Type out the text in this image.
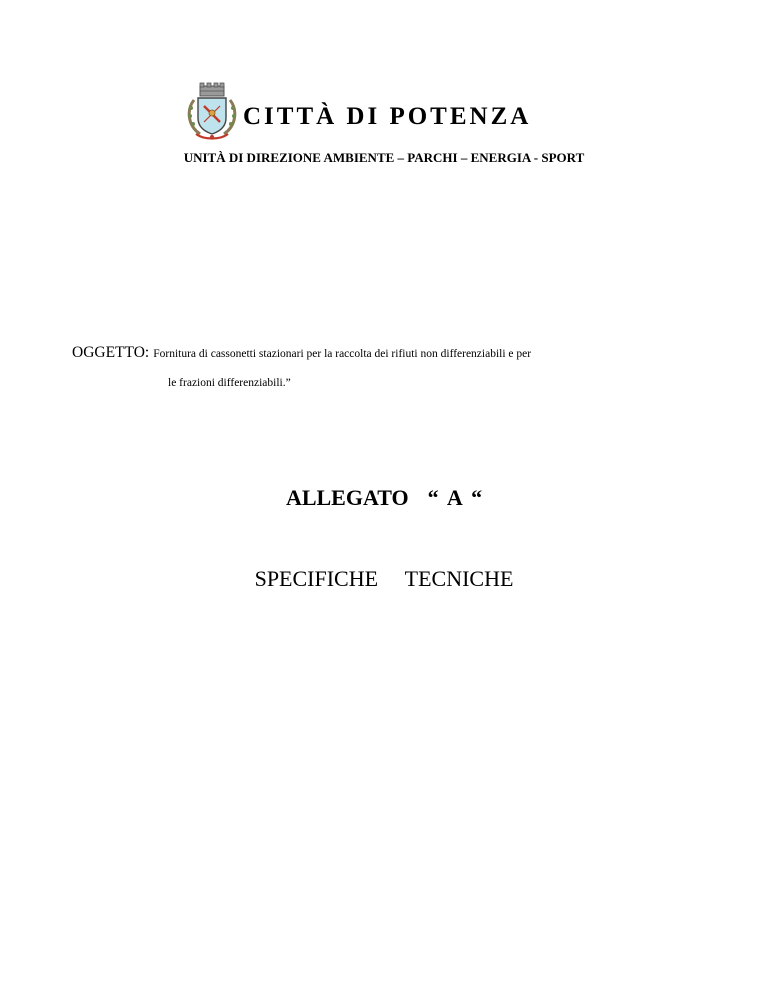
CITTÀ DI POTENZA
UNITÀ DI DIREZIONE AMBIENTE – PARCHI – ENERGIA - SPORT
OGGETTO: Fornitura di cassonetti stazionari per la raccolta dei rifiuti non differenziabili e per
le frazioni differenziabili.”
ALLEGATO  “ A “
SPECIFICHE  TECNICHE
